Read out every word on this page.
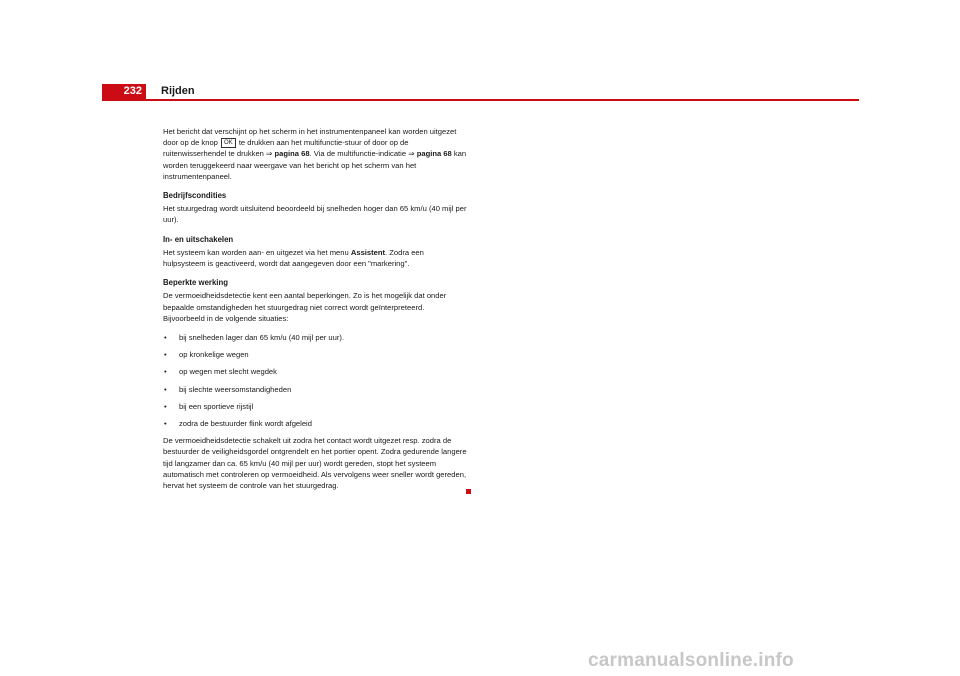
232	Rijden

Het bericht dat verschijnt op het scherm in het instrumentenpaneel kan worden uitgezet door op de knop OK te drukken aan het multifunctie-stuur of door op de ruitenwisserhendel te drukken ⇒ pagina 68. Via de multifunctie-indicatie ⇒ pagina 68 kan worden teruggekeerd naar weergave van het bericht op het scherm van het instrumentenpaneel.

Bedrijfscondities

Het stuurgedrag wordt uitsluitend beoordeeld bij snelheden hoger dan 65 km/u (40 mijl per uur).

In- en uitschakelen

Het systeem kan worden aan- en uitgezet via het menu Assistent. Zodra een hulpsysteem is geactiveerd, wordt dat aangegeven door een "markering".

Beperkte werking

De vermoeidheidsdetectie kent een aantal beperkingen. Zo is het mogelijk dat onder bepaalde omstandigheden het stuurgedrag niet correct wordt geïnterpreteerd. Bijvoorbeeld in de volgende situaties:

• bij snelheden lager dan 65 km/u (40 mijl per uur).
• op kronkelige wegen
• op wegen met slecht wegdek
• bij slechte weersomstandigheden
• bij een sportieve rijstijl
• zodra de bestuurder flink wordt afgeleid

De vermoeidheidsdetectie schakelt uit zodra het contact wordt uitgezet resp. zodra de bestuurder de veiligheidsgordel ontgrendelt en het portier opent. Zodra gedurende langere tijd langzamer dan ca. 65 km/u (40 mijl per uur) wordt gereden, stopt het systeem automatisch met controleren op vermoeidheid. Als vervolgens weer sneller wordt gereden, hervat het systeem de controle van het stuurgedrag.

carmanualsonline.info
